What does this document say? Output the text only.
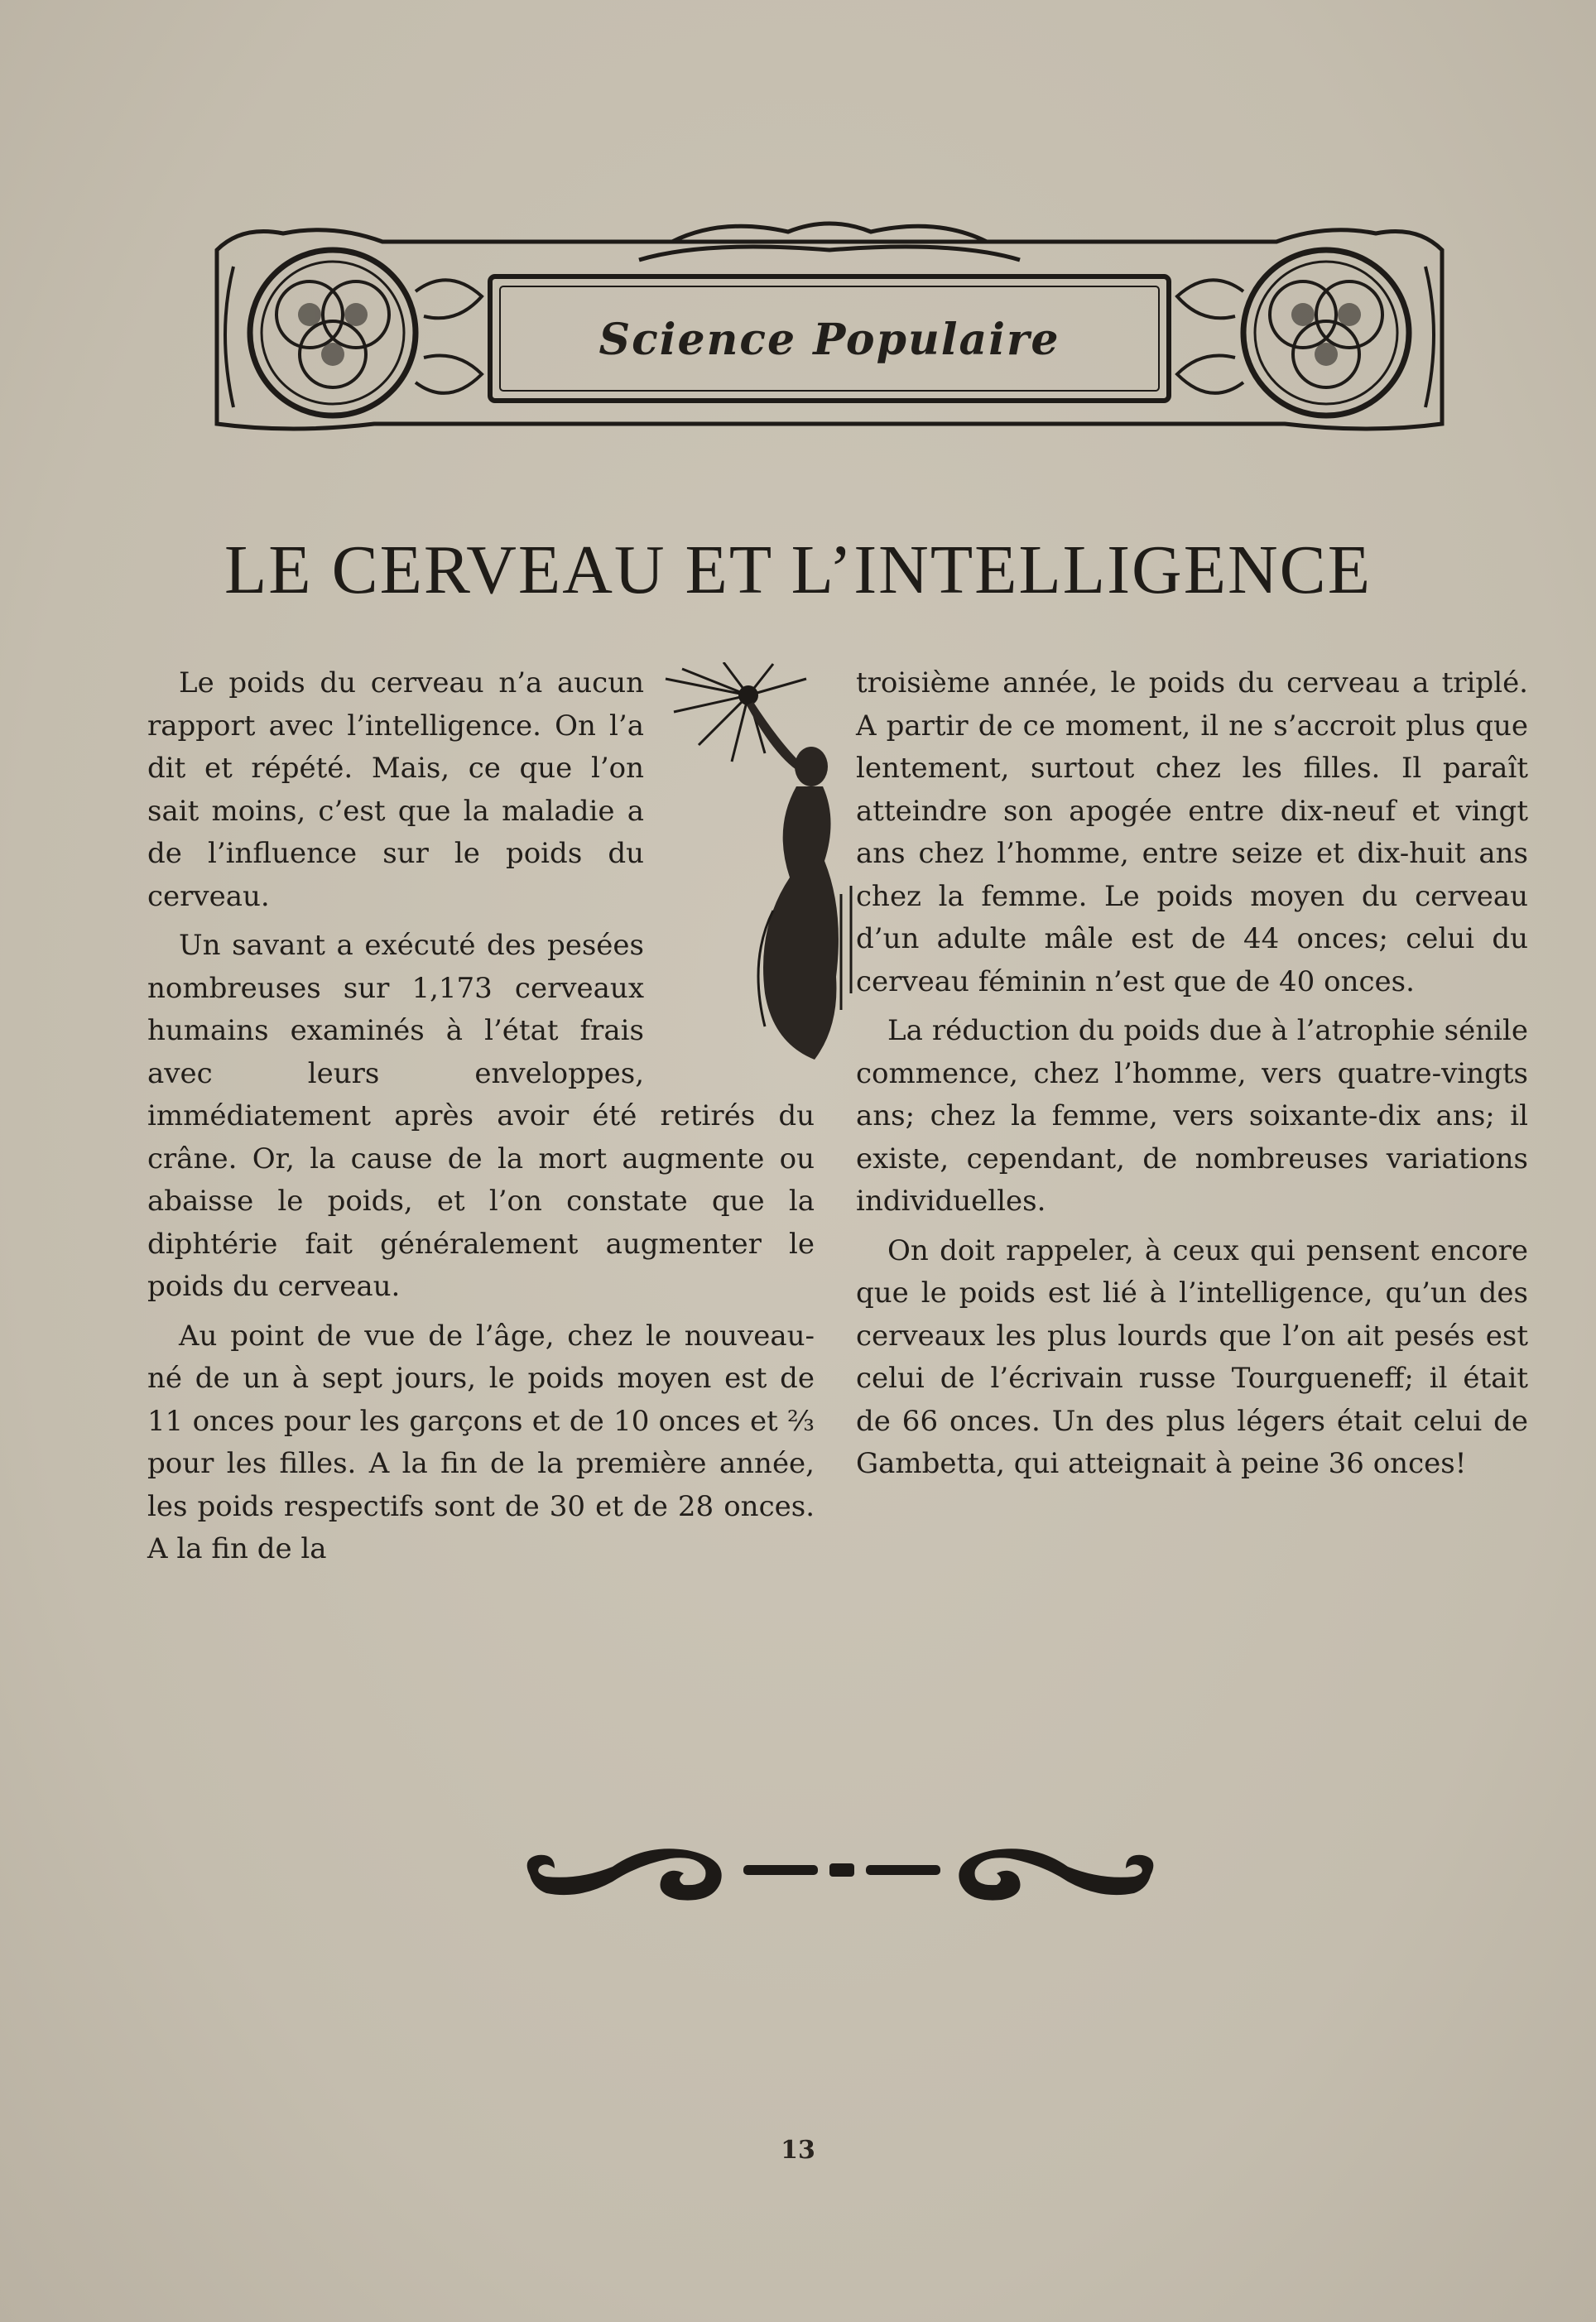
Science Populaire
LE CERVEAU ET L’INTELLIGENCE

Le poids du cerveau n’a aucun rapport avec l’intelligence. On l’a dit et répété. Mais, ce que l’on sait moins, c’est que la maladie a de l’influence sur le poids du cerveau.

Un savant a exécuté des pesées nombreuses sur 1,173 cerveaux humains examinés à l’état frais avec leurs enveloppes, immédiatement après avoir été retirés du crâne. Or, la cause de la mort augmente ou abaisse le poids, et l’on constate que la diphtérie fait généralement augmenter le poids du cerveau.

Au point de vue de l’âge, chez le nouveau-né de un à sept jours, le poids moyen est de 11 onces pour les garçons et de 10 onces et ⅔ pour les filles. A la fin de la première année, les poids respectifs sont de 30 et de 28 onces. A la fin de la

troisième année, le poids du cerveau a triplé. A partir de ce moment, il ne s’accroit plus que lentement, surtout chez les filles. Il paraît atteindre son apogée entre dix-neuf et vingt ans chez l’homme, entre seize et dix-huit ans chez la femme. Le poids moyen du cerveau d’un adulte mâle est de 44 onces; celui du cerveau féminin n’est que de 40 onces.

La réduction du poids due à l’atrophie sénile commence, chez l’homme, vers quatre-vingts ans; chez la femme, vers soixante-dix ans; il existe, cependant, de nombreuses variations individuelles.

On doit rappeler, à ceux qui pensent encore que le poids est lié à l’intelligence, qu’un des cerveaux les plus lourds que l’on ait pesés est celui de l’écrivain russe Tourgueneff; il était de 66 onces. Un des plus légers était celui de Gambetta, qui atteignait à peine 36 onces!

13
